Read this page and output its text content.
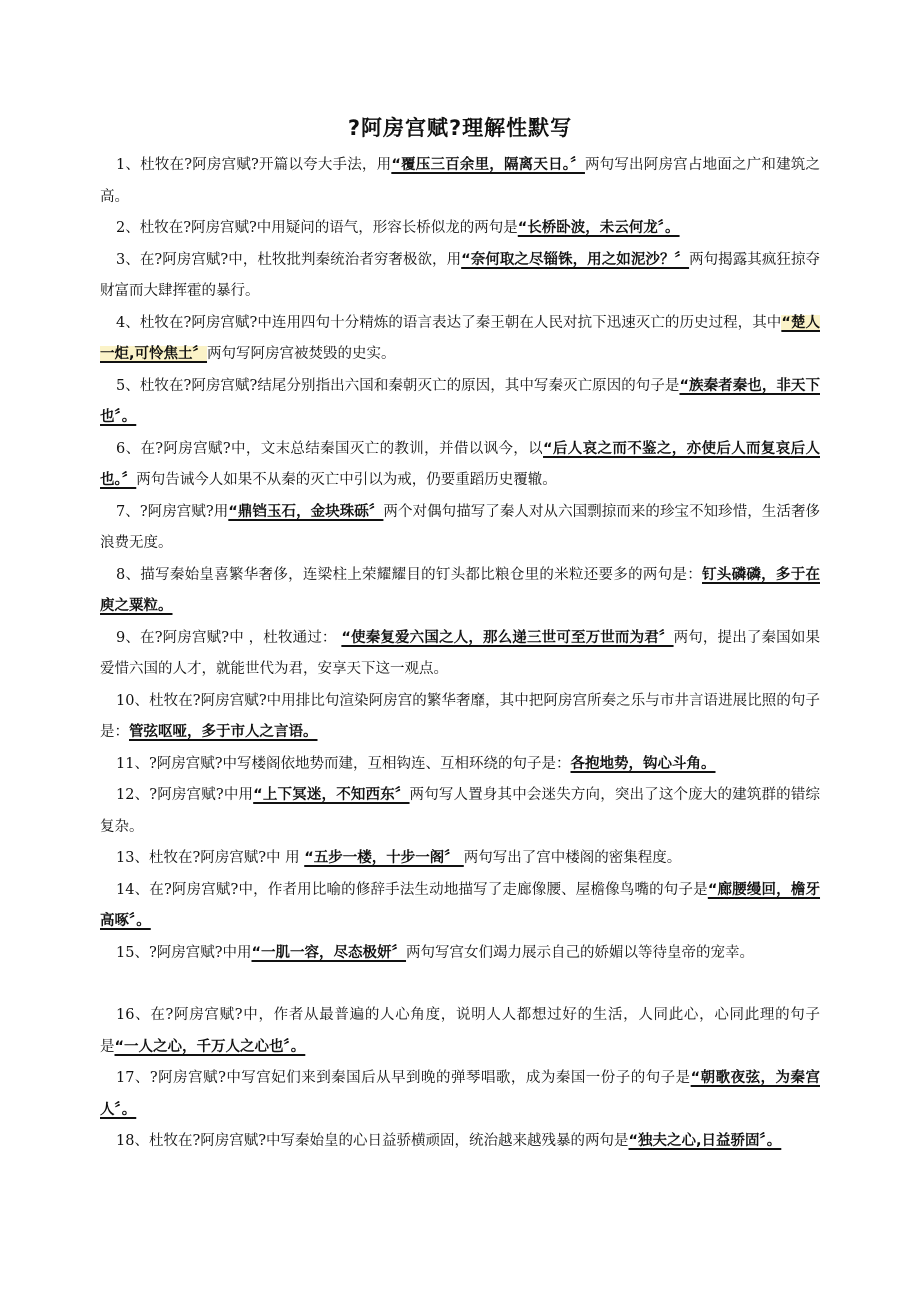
?阿房宫赋?理解性默写

1、杜牧在?阿房宫赋?开篇以夸大手法，用“覆压三百余里，隔离天日。〞两句写出阿房宫占地面之广和建筑之高。

2、杜牧在?阿房宫赋?中用疑问的语气，形容长桥似龙的两句是“长桥卧波，未云何龙〞。

3、在?阿房宫赋?中，杜牧批判秦统治者穷奢极欲，用“奈何取之尽锱铢，用之如泥沙？〞两句揭露其疯狂掠夺财富而大肆挥霍的暴行。

4、杜牧在?阿房宫赋?中连用四句十分精炼的语言表达了秦王朝在人民对抗下迅速灭亡的历史过程，其中“楚人一炬,可怜焦土〞两句写阿房宫被焚毁的史实。

5、杜牧在?阿房宫赋?结尾分别指出六国和秦朝灭亡的原因，其中写秦灭亡原因的句子是“族秦者秦也，非天下也〞。

6、在?阿房宫赋?中，文末总结秦国灭亡的教训，并借以讽今，以“后人哀之而不鉴之，亦使后人而复哀后人也。〞两句告诫今人如果不从秦的灭亡中引以为戒，仍要重蹈历史覆辙。

7、?阿房宫赋?用“鼎铛玉石，金块珠砾〞两个对偶句描写了秦人对从六国剽掠而来的珍宝不知珍惜，生活奢侈浪费无度。

8、描写秦始皇喜繁华奢侈，连梁柱上荣耀耀目的钉头都比粮仓里的米粒还要多的两句是：钉头磷磷，多于在庾之粟粒。

9、在?阿房宫赋?中 ，杜牧通过： “使秦复爱六国之人，那么递三世可至万世而为君〞两句，提出了秦国如果爱惜六国的人才，就能世代为君，安享天下这一观点。

10、杜牧在?阿房宫赋?中用排比句渲染阿房宫的繁华奢靡，其中把阿房宫所奏之乐与市井言语进展比照的句子是：管弦呕哑，多于市人之言语。

11、?阿房宫赋?中写楼阁依地势而建，互相钩连、互相环绕的句子是：各抱地势，钩心斗角。

12、?阿房宫赋?中用“上下冥迷，不知西东〞两句写人置身其中会迷失方向，突出了这个庞大的建筑群的错综复杂。

13、杜牧在?阿房宫赋?中 用 “五步一楼，十步一阁〞 两句写出了宫中楼阁的密集程度。

14、在?阿房宫赋?中，作者用比喻的修辞手法生动地描写了走廊像腰、屋檐像鸟嘴的句子是“廊腰缦回，檐牙高啄〞。

15、?阿房宫赋?中用“一肌一容，尽态极妍〞两句写宫女们竭力展示自己的娇媚以等待皇帝的宠幸。

16、在?阿房宫赋?中，作者从最普遍的人心角度，说明人人都想过好的生活，人同此心，心同此理的句子是“一人之心，千万人之心也〞。

17、?阿房宫赋?中写宫妃们来到秦国后从早到晚的弹琴唱歌，成为秦国一份子的句子是“朝歌夜弦，为秦宫人〞。

18、杜牧在?阿房宫赋?中写秦始皇的心日益骄横顽固，统治越来越残暴的两句是“独夫之心,日益骄固〞。
